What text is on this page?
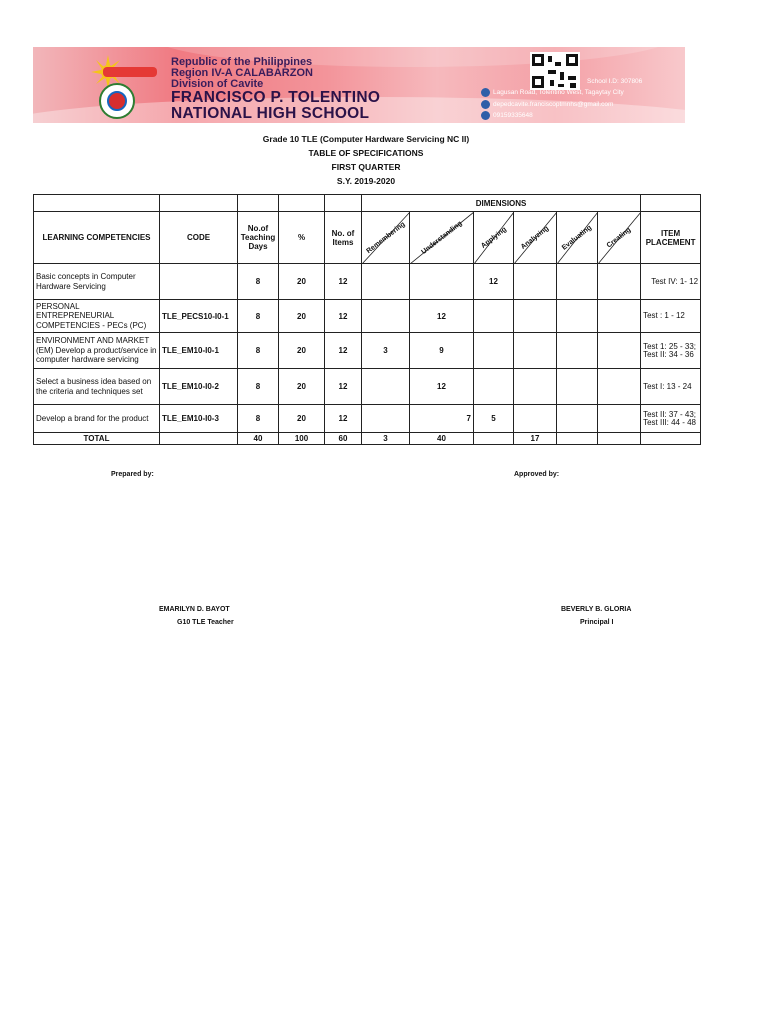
Republic of the Philippines
Region IV-A CALABARZON
Division of Cavite
FRANCISCO P. TOLENTINO
NATIONAL HIGH SCHOOL
School I.D: 307806
Lagusan Road, Tolentino West, Tagaytay City
depedcavite.franciscoptmnhs@gmail.com
09159335648
Grade 10 TLE (Computer Hardware Servicing NC II)
TABLE OF SPECIFICATIONS
FIRST QUARTER
S.Y. 2019-2020
					DIMENSIONS						
LEARNING COMPETENCIES	CODE	No.of Teaching Days	%	No. of Items	Remembering	Understanding	Applying	Analyzing	Evaluating	Creating	ITEM PLACEMENT
Basic concepts in Computer Hardware Servicing		8	20	12			12				Test IV: 1- 12
PERSONAL ENTREPRENEURIAL COMPETENCIES - PECs (PC)	TLE_PECS10-I0-1	8	20	12		12					Test : 1 - 12
ENVIRONMENT AND MARKET (EM) Develop a product/service in computer hardware servicing	TLE_EM10-I0-1	8	20	12	3	9					Test 1: 25 - 33; Test II: 34 - 36
Select a business idea based on the criteria and techniques set	TLE_EM10-I0-2	8	20	12		12					Test I: 13 - 24
Develop a brand for the product	TLE_EM10-I0-3	8	20	12		7	5				Test II: 37 - 43; Test III: 44 - 48
TOTAL		40	100	60	3	40		17			
Prepared by:	Approved by:
EMARILYN D. BAYOT
G10 TLE Teacher
BEVERLY B. GLORIA
Principal I
